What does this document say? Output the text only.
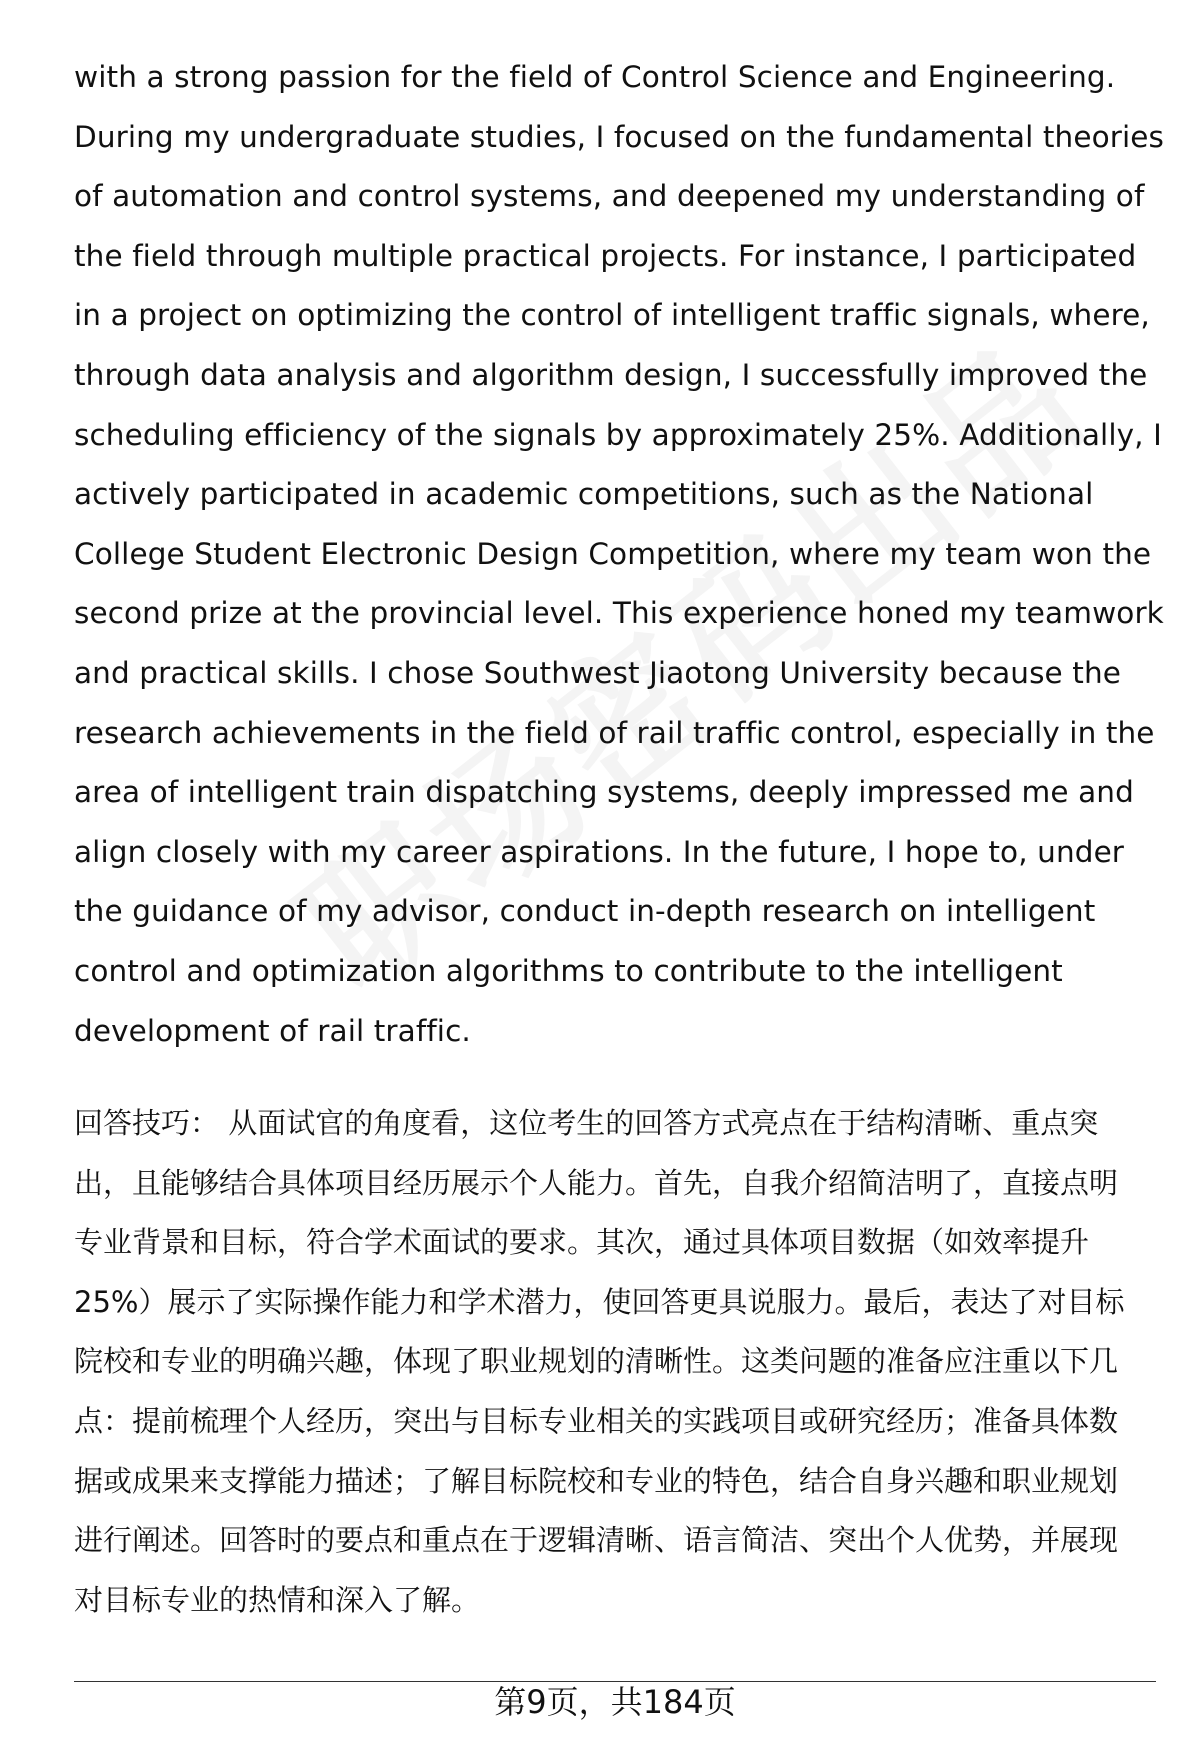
with a strong passion for the field of Control Science and Engineering. During my undergraduate studies, I focused on the fundamental theories of automation and control systems, and deepened my understanding of the field through multiple practical projects. For instance, I participated in a project on optimizing the control of intelligent traffic signals, where, through data analysis and algorithm design, I successfully improved the scheduling efficiency of the signals by approximately 25%. Additionally, I actively participated in academic competitions, such as the National College Student Electronic Design Competition, where my team won the second prize at the provincial level. This experience honed my teamwork and practical skills. I chose Southwest Jiaotong University because the research achievements in the field of rail traffic control, especially in the area of intelligent train dispatching systems, deeply impressed me and align closely with my career aspirations. In the future, I hope to, under the guidance of my advisor, conduct in-depth research on intelligent control and optimization algorithms to contribute to the intelligent development of rail traffic.

回答技巧： 从面试官的角度看，这位考生的回答方式亮点在于结构清晰、重点突出，且能够结合具体项目经历展示个人能力。首先，自我介绍简洁明了，直接点明专业背景和目标，符合学术面试的要求。其次，通过具体项目数据（如效率提升25%）展示了实际操作能力和学术潜力，使回答更具说服力。最后，表达了对目标院校和专业的明确兴趣，体现了职业规划的清晰性。这类问题的准备应注重以下几点：提前梳理个人经历，突出与目标专业相关的实践项目或研究经历；准备具体数据或成果来支撑能力描述；了解目标院校和专业的特色，结合自身兴趣和职业规划进行阐述。回答时的要点和重点在于逻辑清晰、语言简洁、突出个人优势，并展现对目标专业的热情和深入了解。

第9页，共184页
